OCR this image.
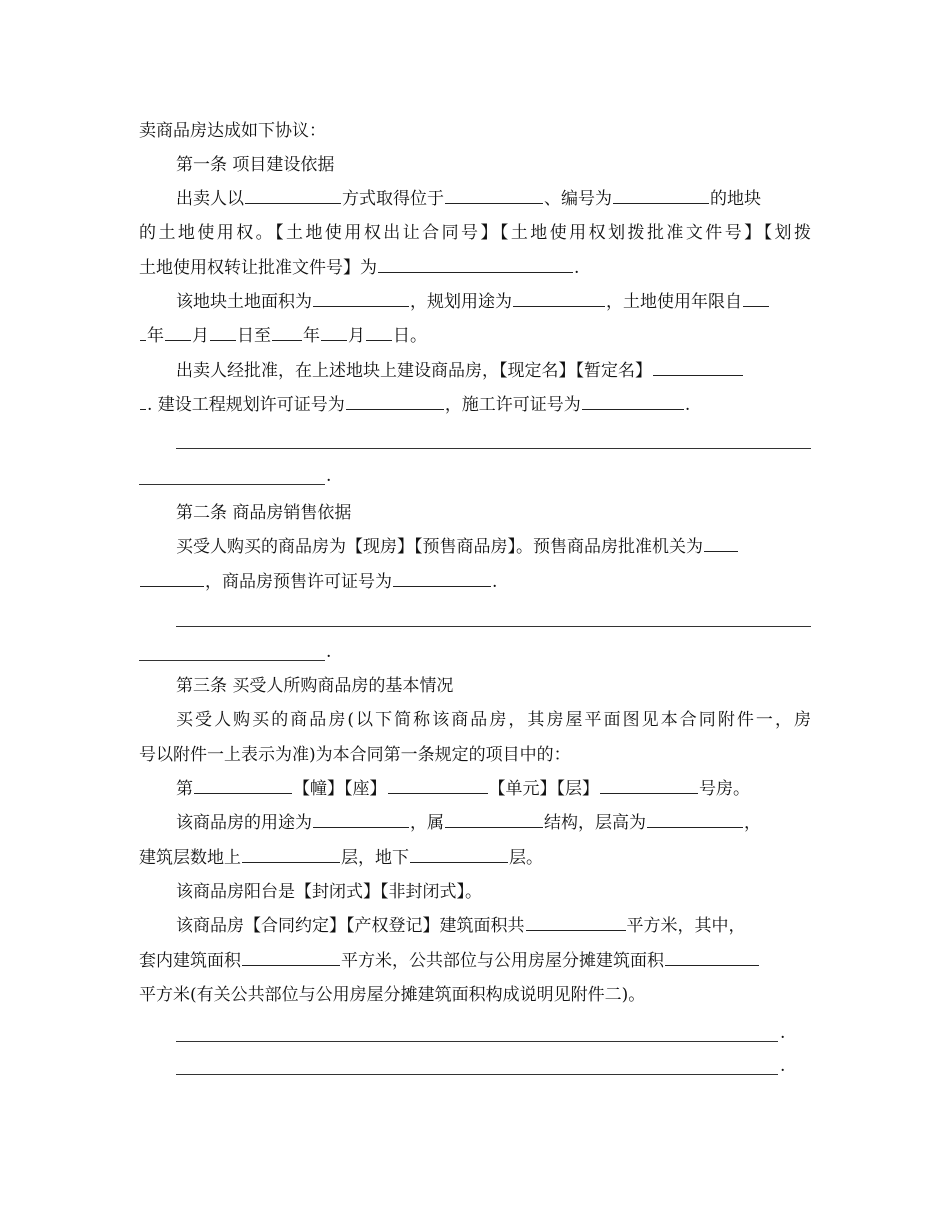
卖商品房达成如下协议：
第一条 项目建设依据
出卖人以	方式取得位于	、编号为	的地块
的土地使用权。【土地使用权出让合同号】【土地使用权划拨批准文件号】【划拨
土地使用权转让批准文件号】为	.
该地块土地面积为	，规划用途为	，土地使用年限自
年 月 日至 年 月 日。
出卖人经批准，在上述地块上建设商品房，【现定名】【暂定名】
. 建设工程规划许可证号为	，施工许可证号为	.
.
第二条 商品房销售依据
买受人购买的商品房为【现房】【预售商品房】。预售商品房批准机关为
，商品房预售许可证号为	.
.
第三条 买受人所购商品房的基本情况
买受人购买的商品房(以下简称该商品房，其房屋平面图见本合同附件一，房
号以附件一上表示为准)为本合同第一条规定的项目中的：
第	【幢】【座】	【单元】【层】	号房。
该商品房的用途为	，属	结构，层高为	，
建筑层数地上	层，地下	层。
该商品房阳台是【封闭式】【非封闭式】。
该商品房【合同约定】【产权登记】建筑面积共	平方米，其中，
套内建筑面积	平方米，公共部位与公用房屋分摊建筑面积
平方米(有关公共部位与公用房屋分摊建筑面积构成说明见附件二)。
.
.
